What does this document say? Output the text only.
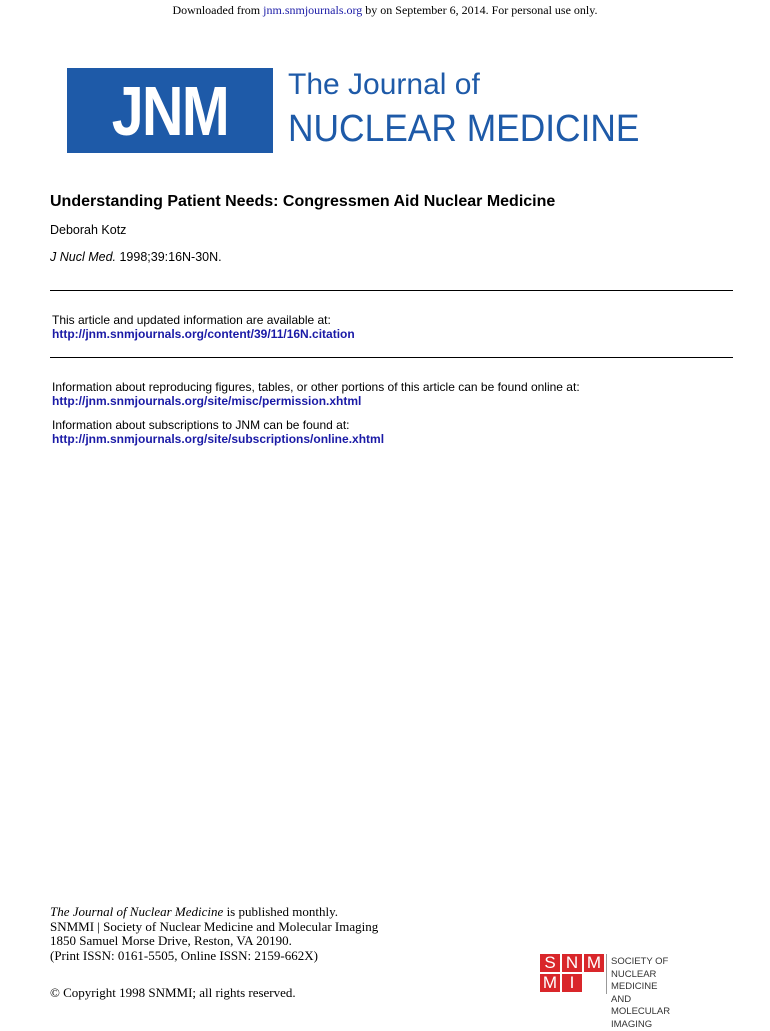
Downloaded from jnm.snmjournals.org by on September 6, 2014. For personal use only.
JNM The Journal of
NUCLEAR MEDICINE
Understanding Patient Needs: Congressmen Aid Nuclear Medicine
Deborah Kotz
J Nucl Med. 1998;39:16N-30N.
This article and updated information are available at:
http://jnm.snmjournals.org/content/39/11/16N.citation
Information about reproducing figures, tables, or other portions of this article can be found online at:
http://jnm.snmjournals.org/site/misc/permission.xhtml
Information about subscriptions to JNM can be found at:
http://jnm.snmjournals.org/site/subscriptions/online.xhtml
The Journal of Nuclear Medicine is published monthly.
SNMMI | Society of Nuclear Medicine and Molecular Imaging
1850 Samuel Morse Drive, Reston, VA 20190.
(Print ISSN: 0161-5505, Online ISSN: 2159-662X)
© Copyright 1998 SNMMI; all rights reserved.
S N M
M I
SOCIETY OF
NUCLEAR MEDICINE
AND MOLECULAR IMAGING
